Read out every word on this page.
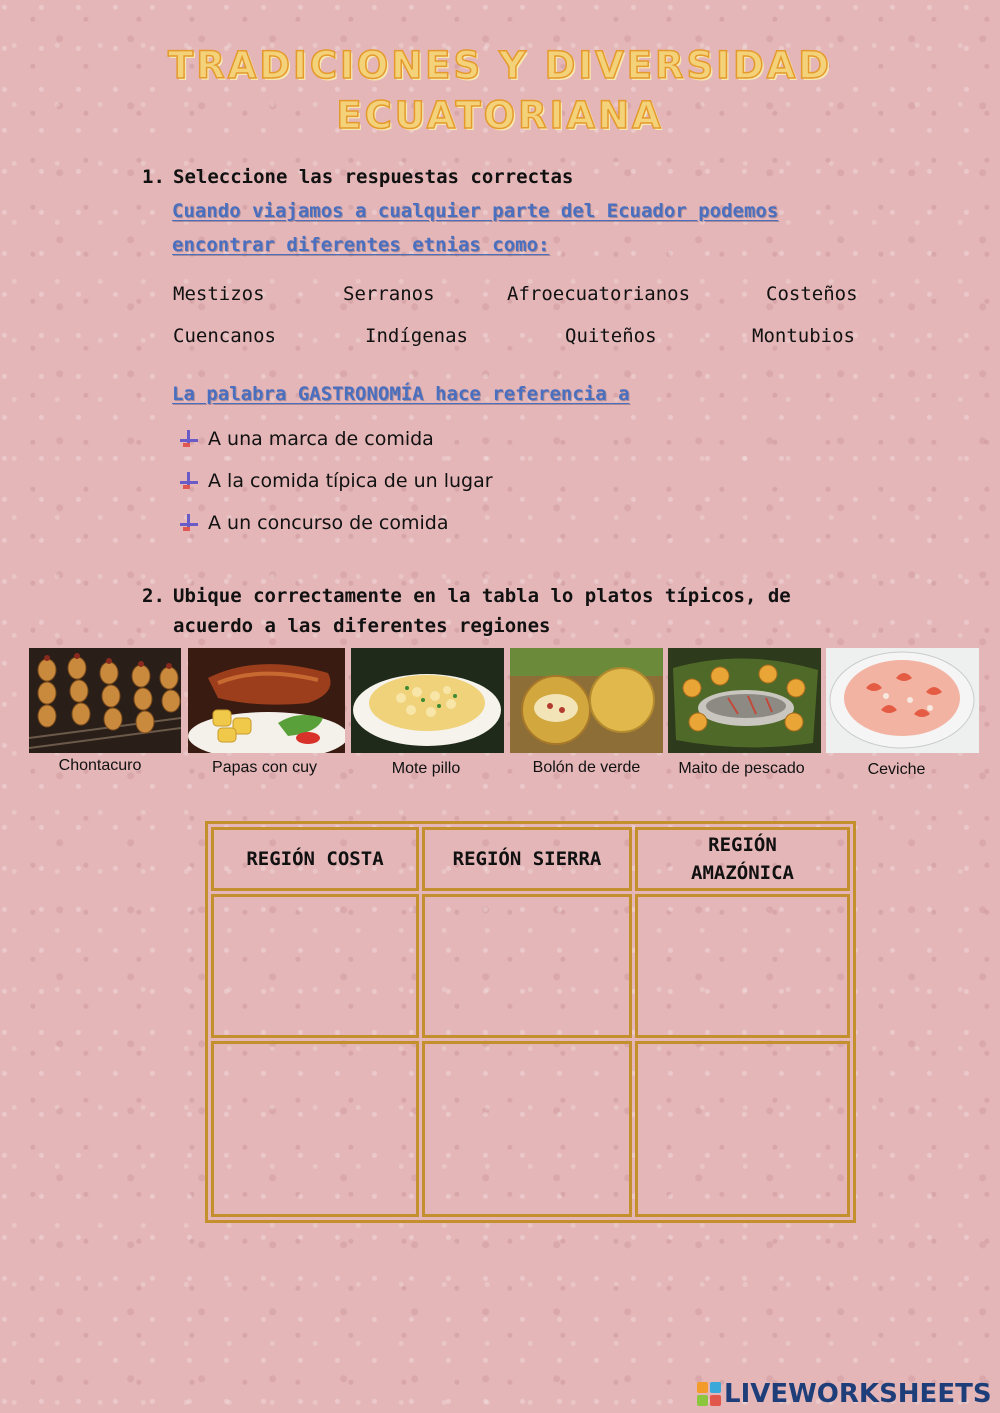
TRADICIONES Y DIVERSIDAD
ECUATORIANA
1. Seleccione las respuestas correctas
Cuando viajamos a cualquier parte del Ecuador podemos encontrar diferentes etnias como:
Mestizos	Serranos	Afroecuatorianos	Costeños
Cuencanos	Indígenas	Quiteños	Montubios
La palabra GASTRONOMÍA hace referencia a
A una marca de comida
A la comida típica de un lugar
A un concurso de comida
2. Ubique correctamente en la tabla lo platos típicos, de acuerdo a las diferentes regiones
Chontacuro	Papas con cuy	Mote pillo	Bolón de verde	Maito de pescado	Ceviche
REGIÓN COSTA	REGIÓN SIERRA	REGIÓN AMAZÓNICA

LIVEWORKSHEETS
